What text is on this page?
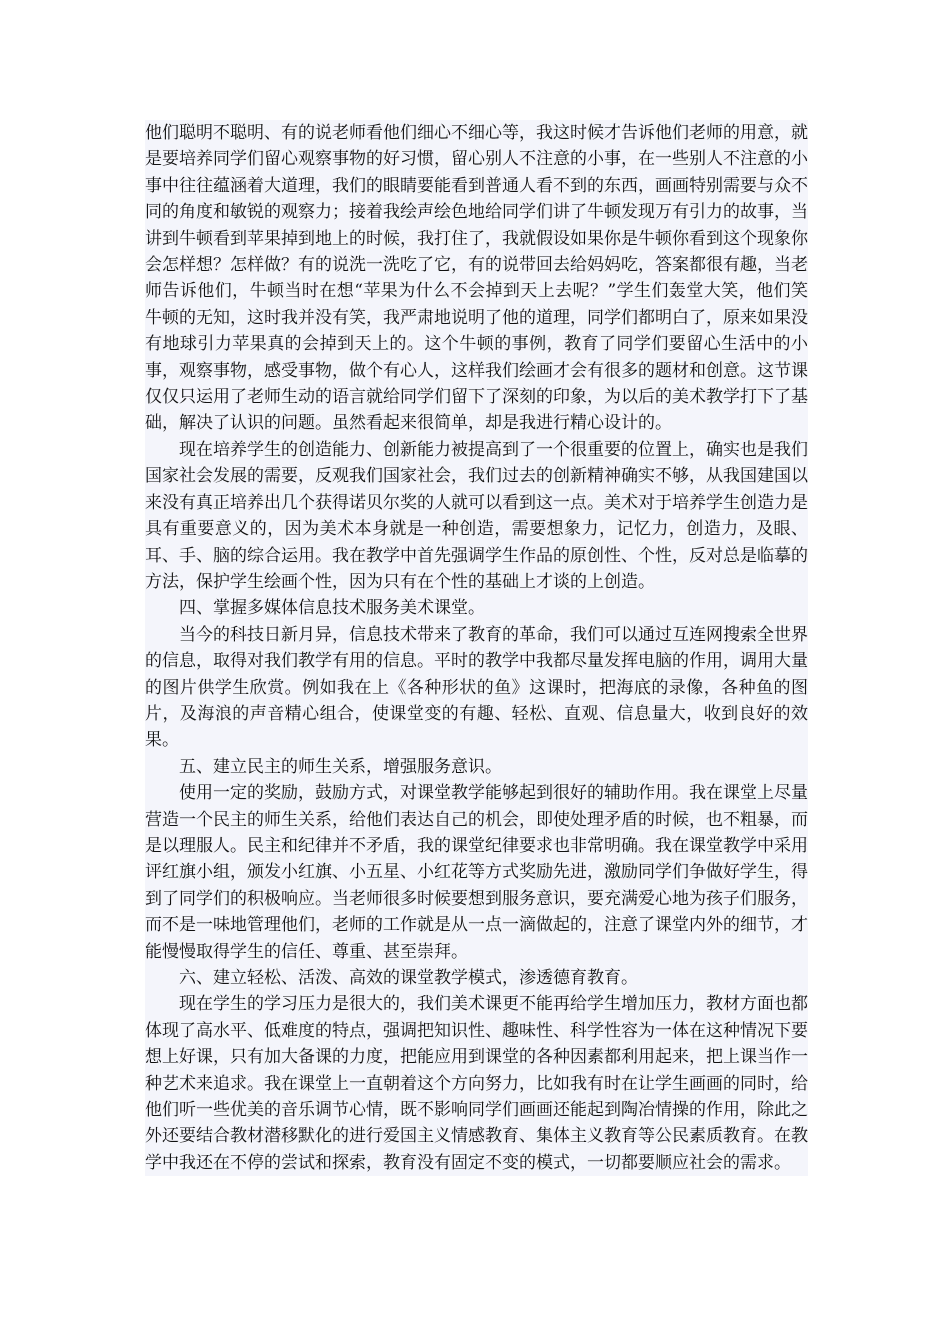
他们聪明不聪明、有的说老师看他们细心不细心等，我这时候才告诉他们老师的用意，就是要培养同学们留心观察事物的好习惯，留心别人不注意的小事，在一些别人不注意的小事中往往蕴涵着大道理，我们的眼睛要能看到普通人看不到的东西，画画特别需要与众不同的角度和敏锐的观察力；接着我绘声绘色地给同学们讲了牛顿发现万有引力的故事，当讲到牛顿看到苹果掉到地上的时候，我打住了，我就假设如果你是牛顿你看到这个现象你会怎样想？怎样做？有的说洗一洗吃了它，有的说带回去给妈妈吃，答案都很有趣，当老师告诉他们，牛顿当时在想“苹果为什么不会掉到天上去呢？”学生们轰堂大笑，他们笑牛顿的无知，这时我并没有笑，我严肃地说明了他的道理，同学们都明白了，原来如果没有地球引力苹果真的会掉到天上的。这个牛顿的事例，教育了同学们要留心生活中的小事，观察事物，感受事物，做个有心人，这样我们绘画才会有很多的题材和创意。这节课仅仅只运用了老师生动的语言就给同学们留下了深刻的印象，为以后的美术教学打下了基础，解决了认识的问题。虽然看起来很简单，却是我进行精心设计的。

现在培养学生的创造能力、创新能力被提高到了一个很重要的位置上，确实也是我们国家社会发展的需要，反观我们国家社会，我们过去的创新精神确实不够，从我国建国以来没有真正培养出几个获得诺贝尔奖的人就可以看到这一点。美术对于培养学生创造力是具有重要意义的，因为美术本身就是一种创造，需要想象力，记忆力，创造力，及眼、耳、手、脑的综合运用。我在教学中首先强调学生作品的原创性、个性，反对总是临摹的方法，保护学生绘画个性，因为只有在个性的基础上才谈的上创造。

四、掌握多媒体信息技术服务美术课堂。

当今的科技日新月异，信息技术带来了教育的革命，我们可以通过互连网搜索全世界的信息，取得对我们教学有用的信息。平时的教学中我都尽量发挥电脑的作用，调用大量的图片供学生欣赏。例如我在上《各种形状的鱼》这课时，把海底的录像，各种鱼的图片，及海浪的声音精心组合，使课堂变的有趣、轻松、直观、信息量大，收到良好的效果。

五、建立民主的师生关系，增强服务意识。

使用一定的奖励，鼓励方式，对课堂教学能够起到很好的辅助作用。我在课堂上尽量营造一个民主的师生关系，给他们表达自己的机会，即使处理矛盾的时候，也不粗暴，而是以理服人。民主和纪律并不矛盾，我的课堂纪律要求也非常明确。我在课堂教学中采用评红旗小组，颁发小红旗、小五星、小红花等方式奖励先进，激励同学们争做好学生，得到了同学们的积极响应。当老师很多时候要想到服务意识，要充满爱心地为孩子们服务，而不是一味地管理他们，老师的工作就是从一点一滴做起的，注意了课堂内外的细节，才能慢慢取得学生的信任、尊重、甚至崇拜。

六、建立轻松、活泼、高效的课堂教学模式，渗透德育教育。

现在学生的学习压力是很大的，我们美术课更不能再给学生增加压力，教材方面也都体现了高水平、低难度的特点，强调把知识性、趣味性、科学性容为一体在这种情况下要想上好课，只有加大备课的力度，把能应用到课堂的各种因素都利用起来，把上课当作一种艺术来追求。我在课堂上一直朝着这个方向努力，比如我有时在让学生画画的同时，给他们听一些优美的音乐调节心情，既不影响同学们画画还能起到陶冶情操的作用，除此之外还要结合教材潜移默化的进行爱国主义情感教育、集体主义教育等公民素质教育。在教学中我还在不停的尝试和探索，教育没有固定不变的模式，一切都要顺应社会的需求。
